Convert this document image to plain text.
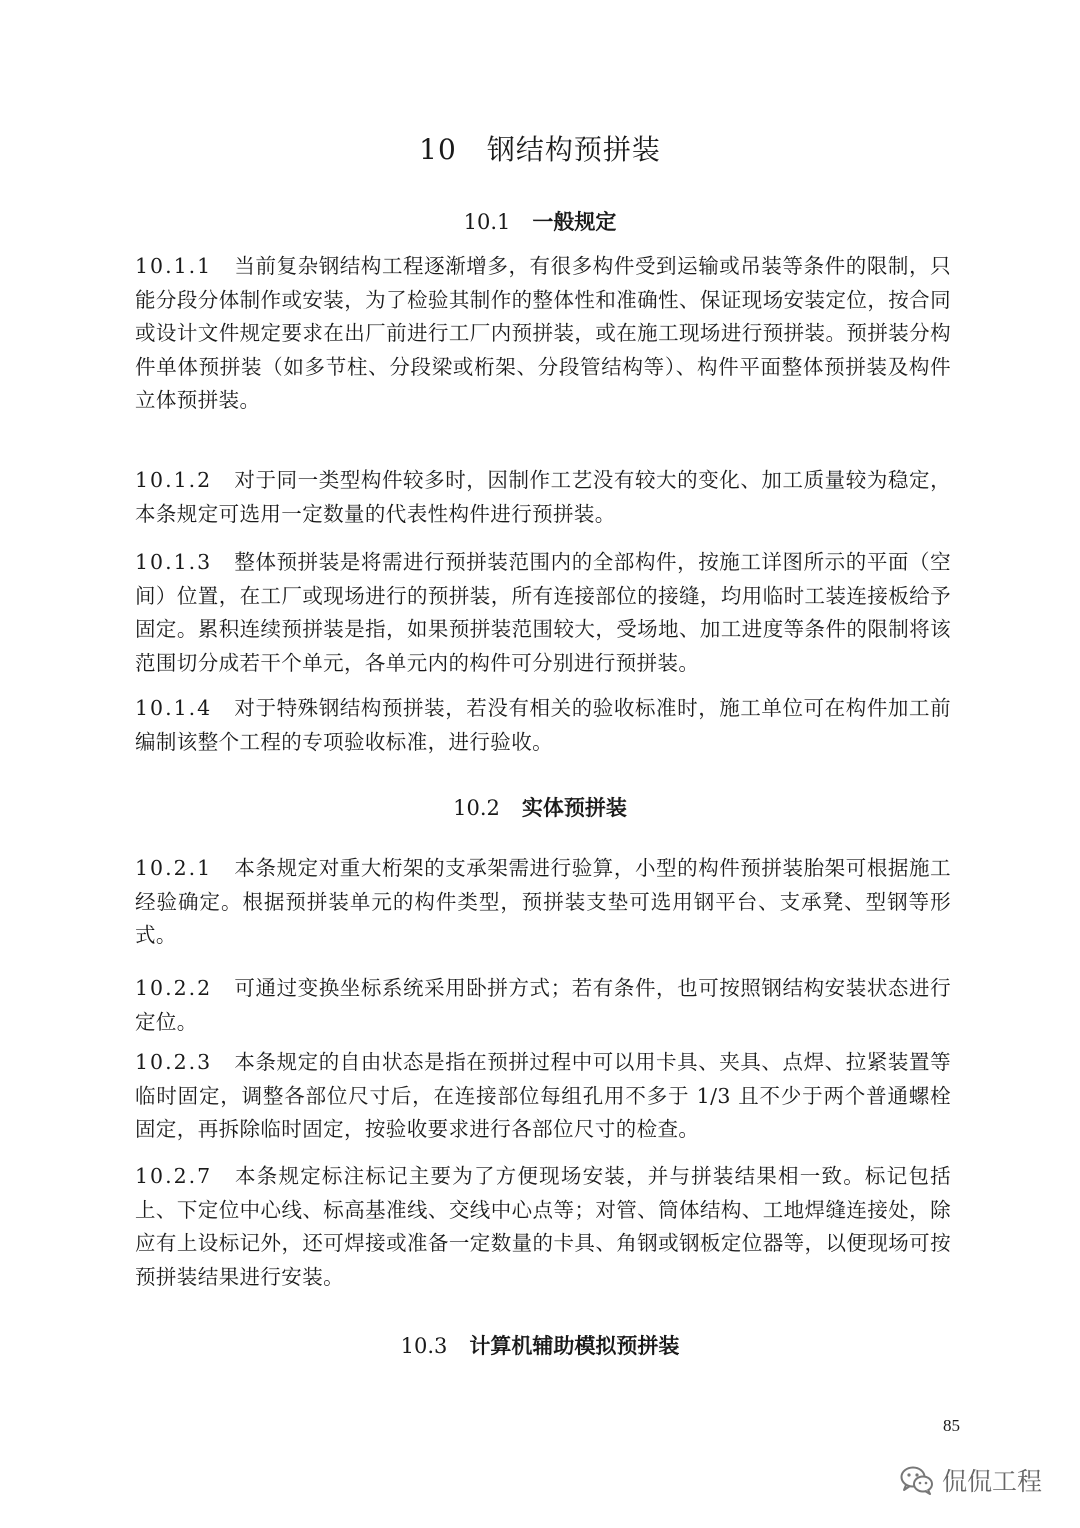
10 钢结构预拼装
10.1 一般规定

10.1.1 当前复杂钢结构工程逐渐增多，有很多构件受到运输或吊装等条件的限制，只能分段分体制作或安装，为了检验其制作的整体性和准确性、保证现场安装定位，按合同或设计文件规定要求在出厂前进行工厂内预拼装，或在施工现场进行预拼装。预拼装分构件单体预拼装（如多节柱、分段梁或桁架、分段管结构等）、构件平面整体预拼装及构件立体预拼装。

10.1.2 对于同一类型构件较多时，因制作工艺没有较大的变化、加工质量较为稳定，本条规定可选用一定数量的代表性构件进行预拼装。

10.1.3 整体预拼装是将需进行预拼装范围内的全部构件，按施工详图所示的平面（空间）位置，在工厂或现场进行的预拼装，所有连接部位的接缝，均用临时工装连接板给予固定。累积连续预拼装是指，如果预拼装范围较大，受场地、加工进度等条件的限制将该范围切分成若干个单元，各单元内的构件可分别进行预拼装。

10.1.4 对于特殊钢结构预拼装，若没有相关的验收标准时，施工单位可在构件加工前编制该整个工程的专项验收标准，进行验收。

10.2 实体预拼装

10.2.1 本条规定对重大桁架的支承架需进行验算，小型的构件预拼装胎架可根据施工经验确定。根据预拼装单元的构件类型，预拼装支垫可选用钢平台、支承凳、型钢等形式。

10.2.2 可通过变换坐标系统采用卧拼方式；若有条件，也可按照钢结构安装状态进行定位。

10.2.3 本条规定的自由状态是指在预拼过程中可以用卡具、夹具、点焊、拉紧装置等临时固定，调整各部位尺寸后，在连接部位每组孔用不多于 1/3 且不少于两个普通螺栓固定，再拆除临时固定，按验收要求进行各部位尺寸的检查。

10.2.7 本条规定标注标记主要为了方便现场安装，并与拼装结果相一致。标记包括上、下定位中心线、标高基准线、交线中心点等；对管、筒体结构、工地焊缝连接处，除应有上设标记外，还可焊接或准备一定数量的卡具、角钢或钢板定位器等，以便现场可按预拼装结果进行安装。

10.3 计算机辅助模拟预拼装
85
侃侃工程
